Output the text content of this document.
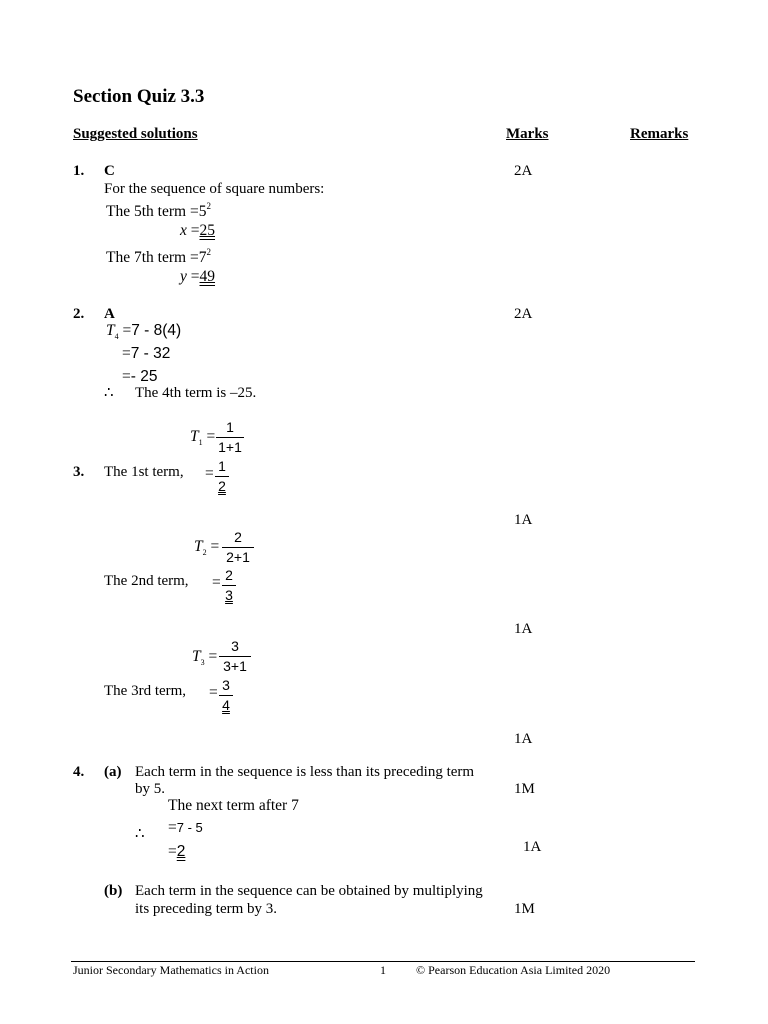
Section Quiz 3.3
Suggested solutions	Marks	Remarks
1. C	2A
For the sequence of square numbers:
The 5th term $=5^2$
x =25
The 7th term $=7^2$
y =49
2. A	2A
$T_4 =7 - 8(4)$
=7 - 32
=- 25
∴ The 4th term is –25.
$T_1$ =
1
1+1
3. The 1st term, = 1
2
1A
$T_2$ =
2
2+1
The 2nd term, = 2
3
1A
$T_3$ =
3
3+1
The 3rd term, = 3
4
1A
4. (a) Each term in the sequence is less than its preceding term
by 5.	1M
The next term after 7
∴ =7 - 5
=2	1A
(b) Each term in the sequence can be obtained by multiplying
its preceding term by 3.	1M
Junior Secondary Mathematics in Action	1	© Pearson Education Asia Limited 2020
